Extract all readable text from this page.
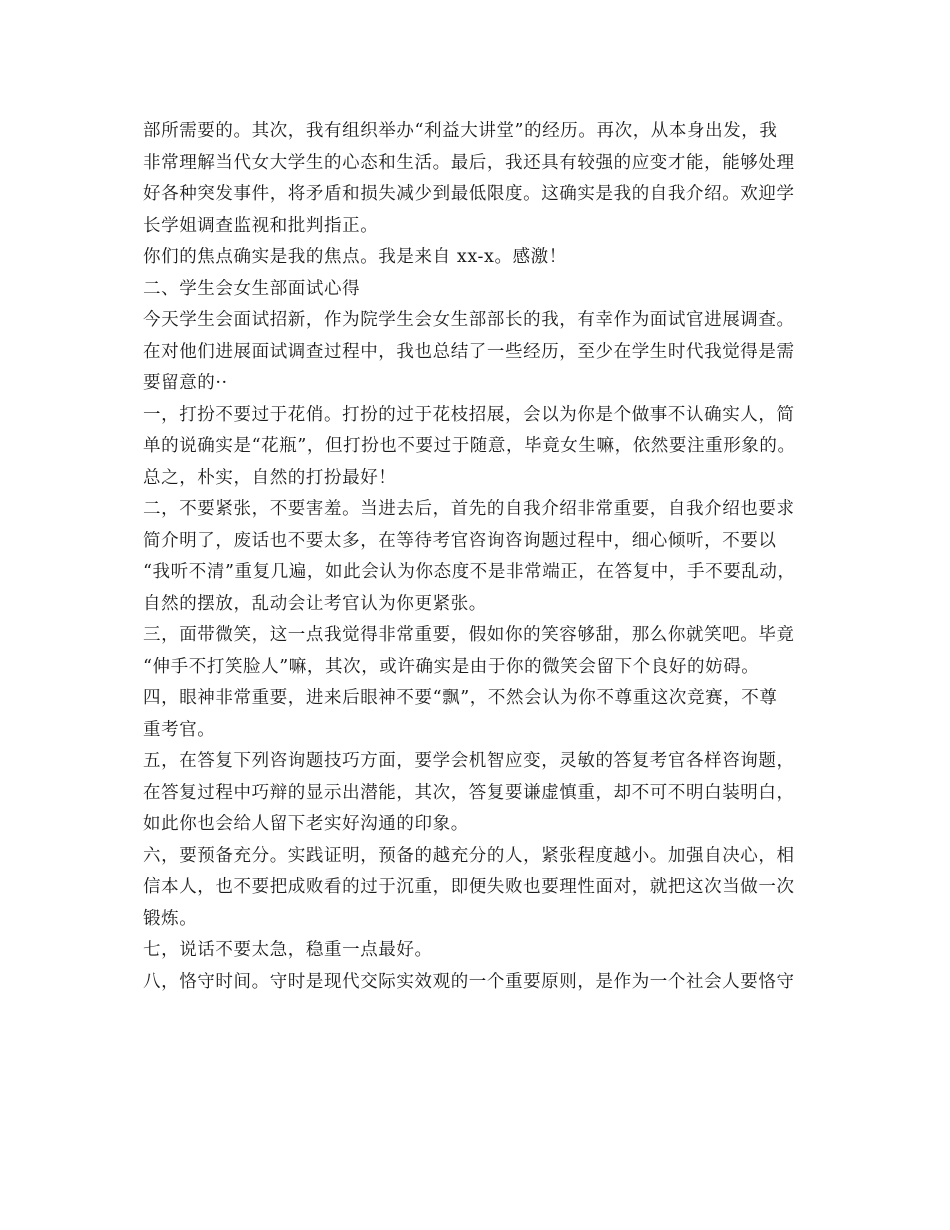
部所需要的。其次，我有组织举办“利益大讲堂”的经历。再次，从本身出发，我
非常理解当代女大学生的心态和生活。最后，我还具有较强的应变才能，能够处理
好各种突发事件，将矛盾和损失减少到最低限度。这确实是我的自我介绍。欢迎学
长学姐调查监视和批判指正。
你们的焦点确实是我的焦点。我是来自 xx-x。感激！
二、学生会女生部面试心得
今天学生会面试招新，作为院学生会女生部部长的我，有幸作为面试官进展调查。
在对他们进展面试调查过程中，我也总结了一些经历，至少在学生时代我觉得是需
要留意的··
一，打扮不要过于花俏。打扮的过于花枝招展，会以为你是个做事不认确实人，简
单的说确实是“花瓶”，但打扮也不要过于随意，毕竟女生嘛，依然要注重形象的。
总之，朴实，自然的打扮最好！
二，不要紧张，不要害羞。当进去后，首先的自我介绍非常重要，自我介绍也要求
简介明了，废话也不要太多，在等待考官咨询咨询题过程中，细心倾听，不要以
“我听不清”重复几遍，如此会认为你态度不是非常端正，在答复中，手不要乱动，
自然的摆放，乱动会让考官认为你更紧张。
三，面带微笑，这一点我觉得非常重要，假如你的笑容够甜，那么你就笑吧。毕竟
“伸手不打笑脸人”嘛，其次，或许确实是由于你的微笑会留下个良好的妨碍。
四，眼神非常重要，进来后眼神不要“飘”，不然会认为你不尊重这次竞赛，不尊
重考官。
五，在答复下列咨询题技巧方面，要学会机智应变，灵敏的答复考官各样咨询题，
在答复过程中巧辩的显示出潜能，其次，答复要谦虚慎重，却不可不明白装明白，
如此你也会给人留下老实好沟通的印象。
六，要预备充分。实践证明，预备的越充分的人，紧张程度越小。加强自决心，相
信本人，也不要把成败看的过于沉重，即便失败也要理性面对，就把这次当做一次
锻炼。
七，说话不要太急，稳重一点最好。
八，恪守时间。守时是现代交际实效观的一个重要原则，是作为一个社会人要恪守
